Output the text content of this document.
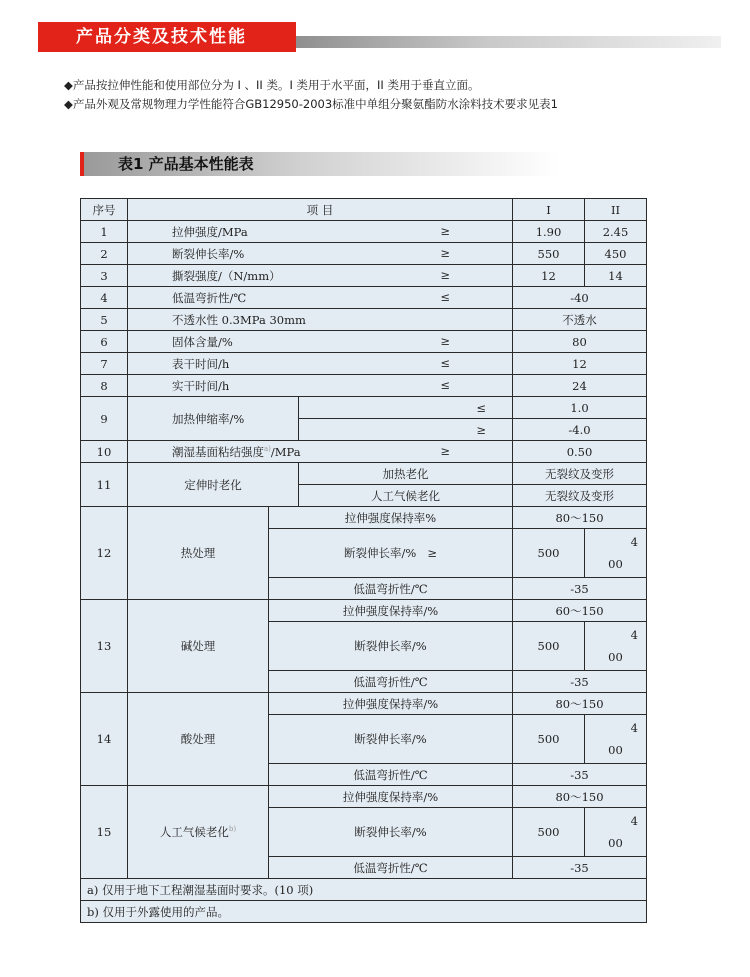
产品分类及技术性能
◆产品按拉伸性能和使用部位分为 I 、II 类。I 类用于水平面，II 类用于垂直立面。
◆产品外观及常规物理力学性能符合GB12950-2003标准中单组分聚氨酯防水涂料技术要求见表1
表1 产品基本性能表
序号	项 目			I	II
1	拉伸强度/MPa ≥			1.90	2.45
2	断裂伸长率/% ≥			550	450
3	撕裂强度/（N/mm） ≥			12	14
4	低温弯折性/℃ ≤			-40	
5	不透水性 0.3MPa 30mm			不透水	
6	固体含量/% ≥			80	
7	表干时间/h ≤			12	
8	实干时间/h ≤			24	
9	加热伸缩率/%		≤	1.0	

			≥	-4.0	
10	潮湿基面粘结强度$^{a)}$/MPa ≥			0.50	
11	定伸时老化		加热老化	无裂纹及变形	
			人工气候老化	无裂纹及变形	
12	热处理	拉伸强度保持率%		80～150	
		断裂伸长率/% ≥		500	4
00

		低温弯折性/℃		-35	
13	碱处理	拉伸强度保持率/%		60～150	
		断裂伸长率/%		500	4
00

		低温弯折性/℃		-35	
14	酸处理	拉伸强度保持率/%		80～150	
		断裂伸长率/%		500	4
00

		低温弯折性/℃		-35	
15	人工气候老化$^{b)}$	拉伸强度保持率/%		80～150	
		断裂伸长率/%		500	4
00

		低温弯折性/℃		-35	
a) 仅用于地下工程潮湿基面时要求。(10 项)					
b) 仅用于外露使用的产品。					
